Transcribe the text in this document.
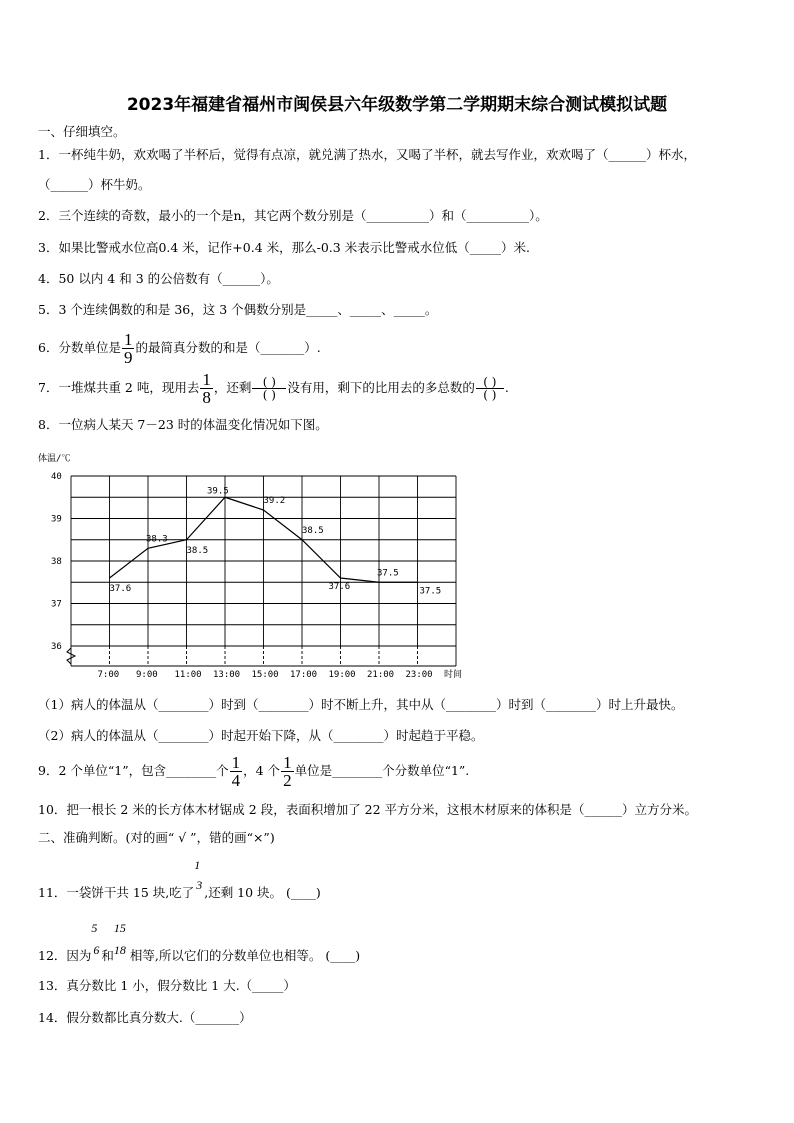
2023年福建省福州市闽侯县六年级数学第二学期期末综合测试模拟试题
一、仔细填空。
1．一杯纯牛奶，欢欢喝了半杯后，觉得有点凉，就兑满了热水，又喝了半杯，就去写作业，欢欢喝了（______）杯水，
（______）杯牛奶。
2．三个连续的奇数，最小的一个是n，其它两个数分别是（__________）和（__________）。
3．如果比警戒水位高0.4 米，记作+0.4 米，那么-0.3 米表示比警戒水位低（_____）米.
4．50 以内 4 和 3 的公倍数有（______）。
5．3 个连续偶数的和是 36，这 3 个偶数分别是_____、_____、_____。
6．分数单位是 $\frac{1}{9}$ 的最简真分数的和是（_______）.
7．一堆煤共重 2 吨，现用去 $\frac{1}{8}$ ，还剩 $\frac{( )}{( )}$ 没有用，剩下的比用去的多总数的 $\frac{( )}{( )}$ .
8．一位病人某天 7－23 时的体温变化情况如下图。
体温/℃
40
39
38
37
36
7:00 9:00 11:00 13:00 15:00 17:00 19:00 21:00 23:00
37.6
38.3
38.5
39.5
39.2
38.5
37.6
37.5
37.5
时间
（1）病人的体温从（________）时到（________）时不断上升，其中从（________）时到（________）时上升最快。
（2）病人的体温从（________）时起开始下降，从（________）时起趋于平稳。
9．2 个单位“1”，包含________个 $\frac{1}{4}$ ，4 个 $\frac{1}{2}$ 单位是________个分数单位“1”.
10．把一根长 2 米的长方体木材锯成 2 段，表面积增加了 22 平方分米，这根木材原来的体积是（______）立方分米。
二、准确判断。(对的画“ √ ”，错的画“×”)
11．一袋饼干共 15 块,吃了
1
3 ,还剩 10 块。 (____)
12．因为
5
6 和
15
18 相等,所以它们的分数单位也相等。 (____)
13．真分数比 1 小，假分数比 1 大.（_____）
14．假分数都比真分数大.（_______）
